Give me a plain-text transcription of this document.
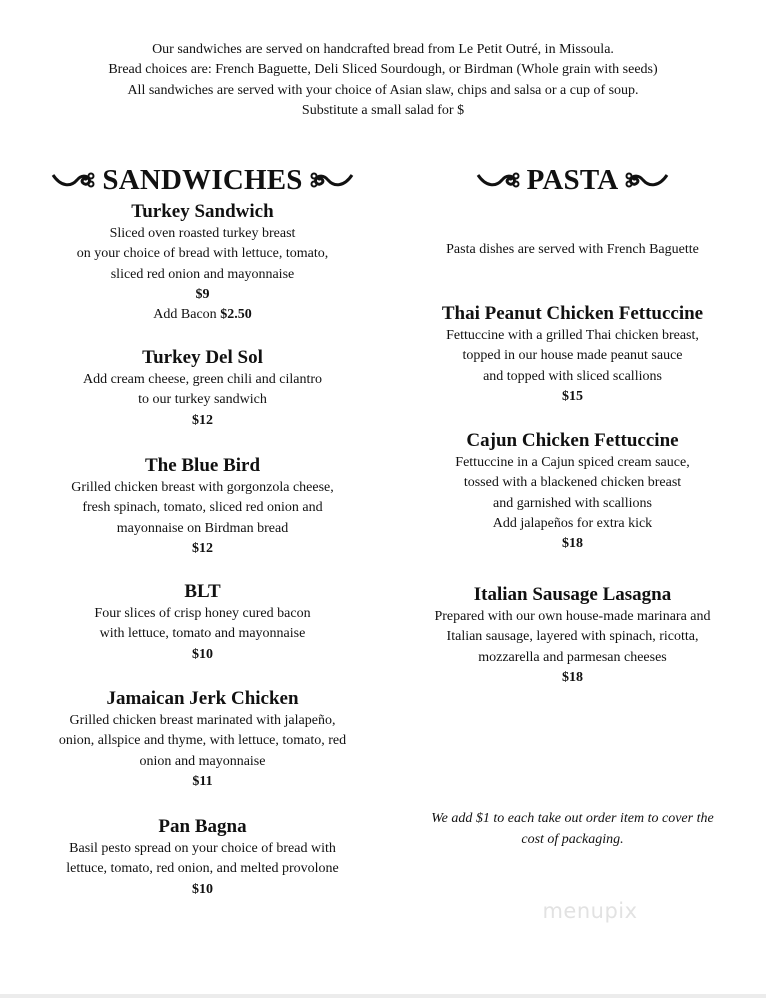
Our sandwiches are served on handcrafted bread from Le Petit Outré, in Missoula.
Bread choices are: French Baguette, Deli Sliced Sourdough, or Birdman (Whole grain with seeds)
All sandwiches are served with your choice of Asian slaw, chips and salsa or a cup of soup.
Substitute a small salad for $
SANDWICHES	PASTA
Turkey Sandwich
Sliced oven roasted turkey breast
on your choice of bread with lettuce, tomato,
sliced red onion and mayonnaise
$9
Add Bacon $2.50
Turkey Del Sol
Add cream cheese, green chili and cilantro
to our turkey sandwich
$12
The Blue Bird
Grilled chicken breast with gorgonzola cheese,
fresh spinach, tomato, sliced red onion and
mayonnaise on Birdman bread
$12
BLT
Four slices of crisp honey cured bacon
with lettuce, tomato and mayonnaise
$10
Jamaican Jerk Chicken
Grilled chicken breast marinated with jalapeño,
onion, allspice and thyme, with lettuce, tomato, red
onion and mayonnaise
$11
Pan Bagna
Basil pesto spread on your choice of bread with
lettuce, tomato, red onion, and melted provolone
$10
Pasta dishes are served with French Baguette
Thai Peanut Chicken Fettuccine
Fettuccine with a grilled Thai chicken breast,
topped in our house made peanut sauce
and topped with sliced scallions
$15
Cajun Chicken Fettuccine
Fettuccine in a Cajun spiced cream sauce,
tossed with a blackened chicken breast
and garnished with scallions
Add jalapeños for extra kick
$18
Italian Sausage Lasagna
Prepared with our own house-made marinara and
Italian sausage, layered with spinach, ricotta,
mozzarella and parmesan cheeses
$18
We add $1 to each take out order item to cover the
cost of packaging.
menupix
